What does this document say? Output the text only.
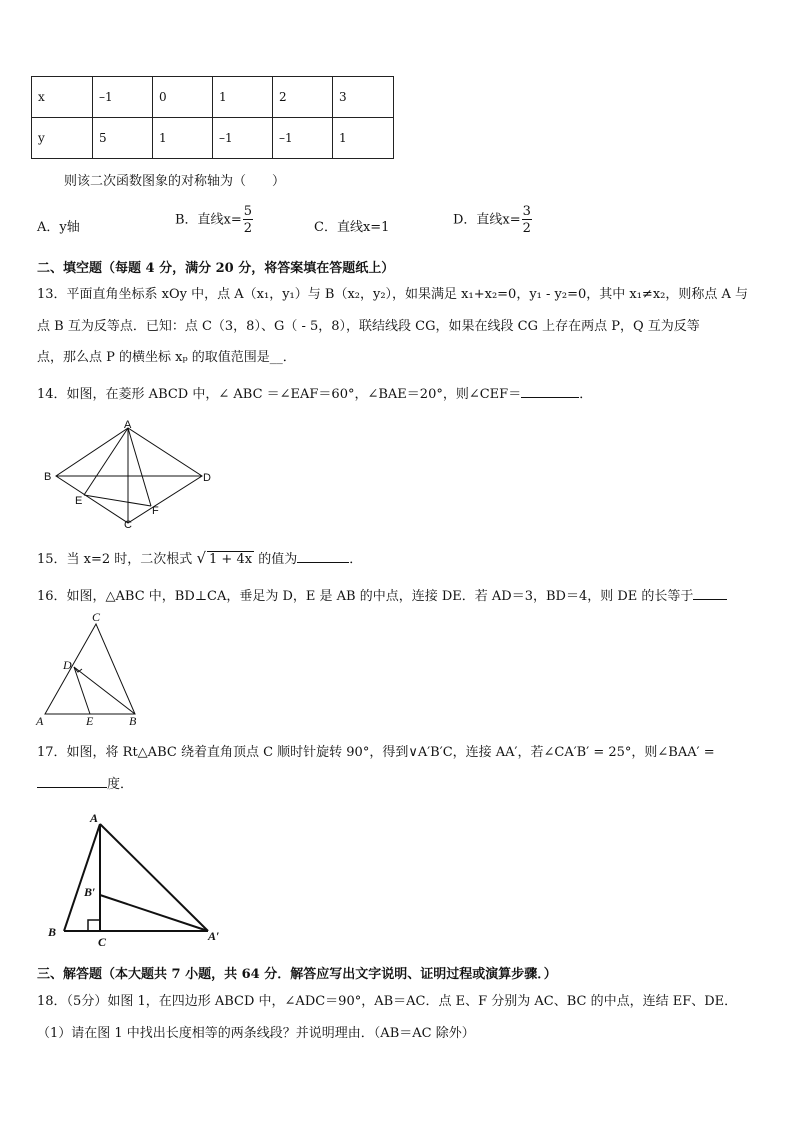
x	–1	0	1	2	3
y	5	1	–1	–1	1
则该二次函数图象的对称轴为（　　）
A．y轴	B．直线$x= \frac{5}{2}$	C．直线x=1	D．直线$x= \frac{3}{2}$
二、填空题（每题 4 分，满分 20 分，将答案填在答题纸上）
13．平面直角坐标系 xOy 中，点 A（x₁，y₁）与 B（x₂，y₂），如果满足 x₁+x₂=0，y₁ - y₂=0，其中 x₁≠x₂，则称点 A 与
点 B 互为反等点．已知：点 C（3，8）、G（ - 5，8），联结线段 CG，如果在线段 CG 上存在两点 P，Q 互为反等
点，那么点 P 的横坐标 xₚ 的取值范围是__．
14．如图，在菱形 ABCD 中，∠ ABC ＝∠EAF＝60°，∠BAE＝20°，则∠CEF＝	．
A
B
C
D
E
F
15．当 x=2 时，二次根式 √ 1 + 4x 的值为	．
16．如图，△ABC 中，BD⊥CA，垂足为 D，E 是 AB 的中点，连接 DE．若 AD＝3，BD＝4，则 DE 的长等于
C
D
A	E	B
17．如图，将 Rt△ABC 绕着直角顶点 C 顺时针旋转 90°，得到∨A′B′C，连接 AA′，若∠CA′B′ = 25°，则∠BAA′ =
度．
A
B′
B
C	A′
三、解答题（本大题共 7 小题，共 64 分．解答应写出文字说明、证明过程或演算步骤．）
18．（5分）如图 1，在四边形 ABCD 中，∠ADC＝90°，AB＝AC．点 E、F 分别为 AC、BC 的中点，连结 EF、DE．
（1）请在图 1 中找出长度相等的两条线段？并说明理由．（AB＝AC 除外）
